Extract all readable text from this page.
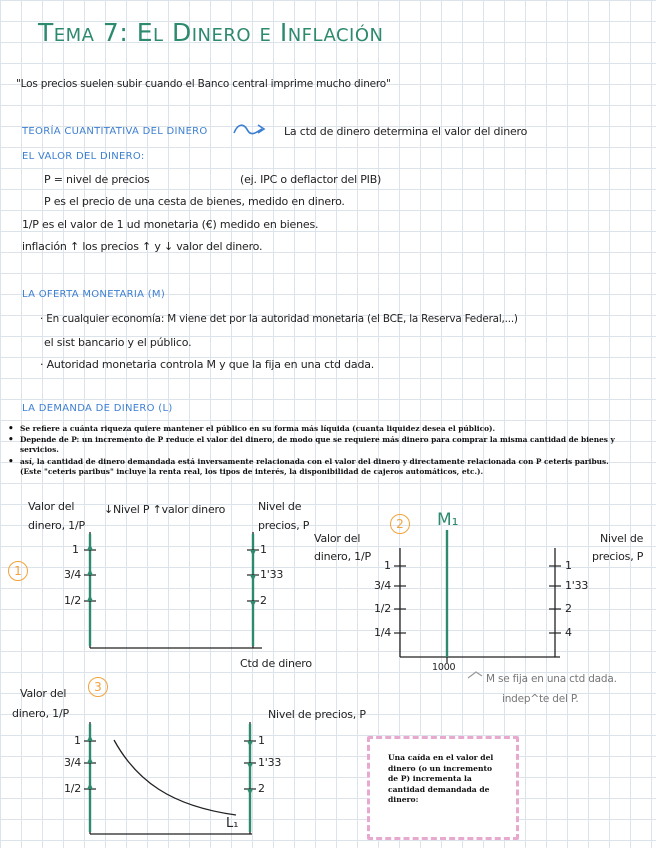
Tema 7: El Dinero e Inflación
"Los precios suelen subir cuando el Banco central imprime mucho dinero"
TEORÍA CUANTITATIVA DEL DINERO	La ctd de dinero determina el valor del dinero
EL VALOR DEL DINERO:
P = nivel de precios	(ej. IPC o deflactor del PIB)
P es el precio de una cesta de bienes, medido en dinero.
1/P es el valor de 1 ud monetaria (€) medido en bienes.
inflación ↑ los precios ↑ y ↓ valor del dinero.
LA OFERTA MONETARIA (M)
· En cualquier economía: M viene det por la autoridad monetaria (el BCE, la Reserva Federal,...)
el sist bancario y el público.
· Autoridad monetaria controla M y que la fija en una ctd dada.
LA DEMANDA DE DINERO (L)
• Se refiere a cuánta riqueza quiere mantener el público en su forma más líquida (cuanta liquidez desea el público).
• Depende de P: un incremento de P reduce el valor del dinero, de modo que se requiere más dinero para comprar la misma cantidad de bienes y servicios.
• así, la cantidad de dinero demandada está inversamente relacionada con el valor del dinero y directamente relacionada con P ceteris paribus. (Este "ceteris paribus" incluye la renta real, los tipos de interés, la disponibilidad de cajeros automáticos, etc.).
1
Valor del
dinero, 1/P
↓Nivel P ↑valor dinero	Nivel de
precios, P
1
3/4
1/2
1
1'33
2
Ctd de dinero
2	M₁
Valor del
dinero, 1/P
Nivel de
precios, P
1
3/4
1/2
1/4
1
1'33
2
4
1000
M se fija en una ctd dada.
indep^te del P.
3
Valor del
dinero, 1/P	Nivel de precios, P
1
3/4
1/2
1
1'33
2
L₁
Una caída en el valor del dinero (o un incremento de P) incrementa la cantidad demandada de dinero:
